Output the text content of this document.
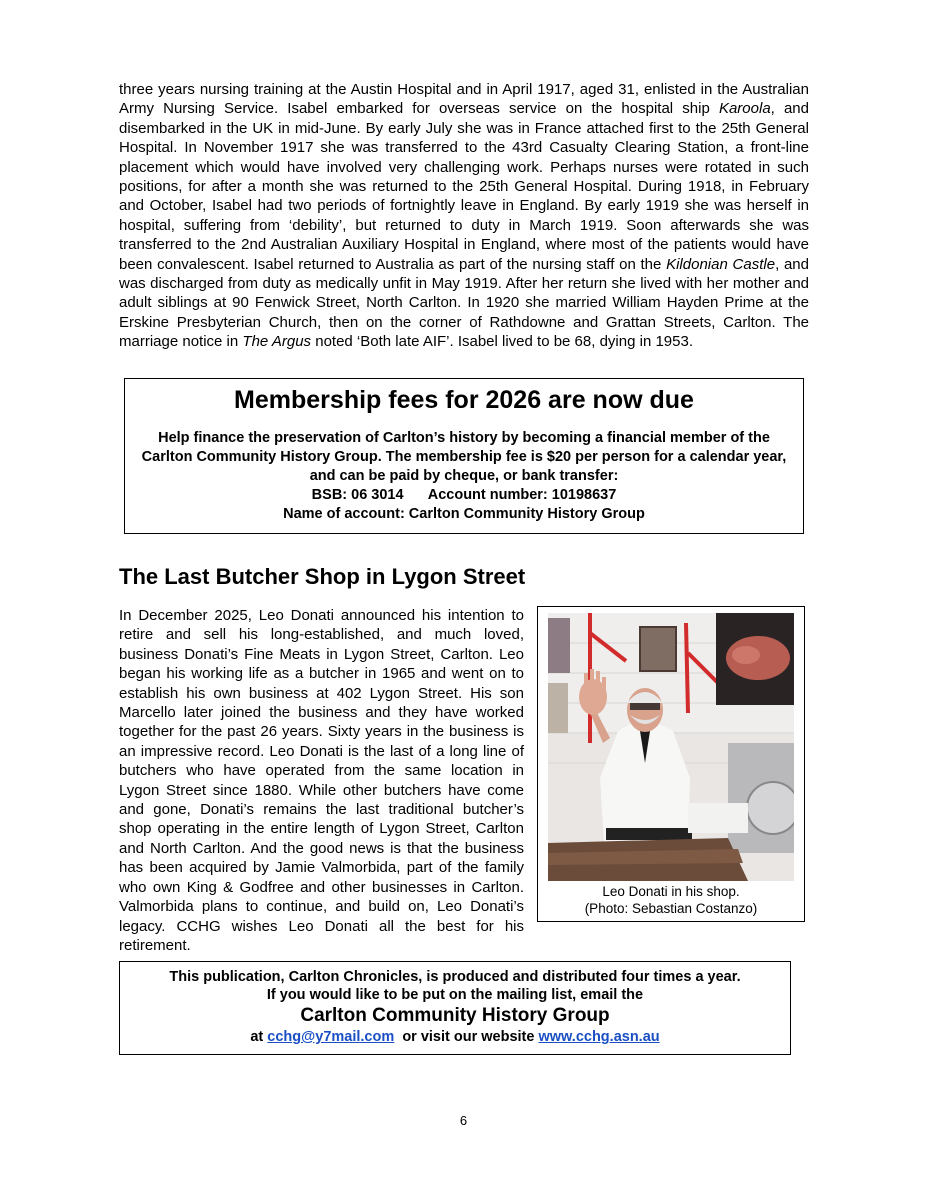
three years nursing training at the Austin Hospital and in April 1917, aged 31, enlisted in the Australian Army Nursing Service. Isabel embarked for overseas service on the hospital ship Karoola, and disembarked in the UK in mid-June. By early July she was in France attached first to the 25th General Hospital. In November 1917 she was transferred to the 43rd Casualty Clearing Station, a front-line placement which would have involved very challenging work. Perhaps nurses were rotated in such positions, for after a month she was returned to the 25th General Hospital. During 1918, in February and October, Isabel had two periods of fortnightly leave in England. By early 1919 she was herself in hospital, suffering from ‘debility’, but returned to duty in March 1919. Soon afterwards she was transferred to the 2nd Australian Auxiliary Hospital in England, where most of the patients would have been convalescent. Isabel returned to Australia as part of the nursing staff on the Kildonian Castle, and was discharged from duty as medically unfit in May 1919. After her return she lived with her mother and adult siblings at 90 Fenwick Street, North Carlton. In 1920 she married William Hayden Prime at the Erskine Presbyterian Church, then on the corner of Rathdowne and Grattan Streets, Carlton. The marriage notice in The Argus noted ‘Both late AIF’. Isabel lived to be 68, dying in 1953.

Membership fees for 2026 are now due
Help finance the preservation of Carlton’s history by becoming a financial member of the Carlton Community History Group. The membership fee is $20 per person for a calendar year, and can be paid by cheque, or bank transfer:
BSB: 06 3014 Account number: 10198637
Name of account: Carlton Community History Group
The Last Butcher Shop in Lygon Street

In December 2025, Leo Donati announced his intention to retire and sell his long-established, and much loved, business Donati’s Fine Meats in Lygon Street, Carlton. Leo began his working life as a butcher in 1965 and went on to establish his own business at 402 Lygon Street. His son Marcello later joined the business and they have worked together for the past 26 years. Sixty years in the business is an impressive record. Leo Donati is the last of a long line of butchers who have operated from the same location in Lygon Street since 1880. While other butchers have come and gone, Donati’s remains the last traditional butcher’s shop operating in the entire length of Lygon Street, Carlton and North Carlton. And the good news is that the business has been acquired by Jamie Valmorbida, part of the family who own King & Godfree and other businesses in Carlton. Valmorbida plans to continue, and build on, Leo Donati’s legacy. CCHG wishes Leo Donati all the best for his retirement.

Leo Donati in his shop.
(Photo: Sebastian Costanzo)
This publication, Carlton Chronicles, is produced and distributed four times a year.
If you would like to be put on the mailing list, email the
Carlton Community History Group
at cchg@y7mail.com or visit our website www.cchg.asn.au
6
